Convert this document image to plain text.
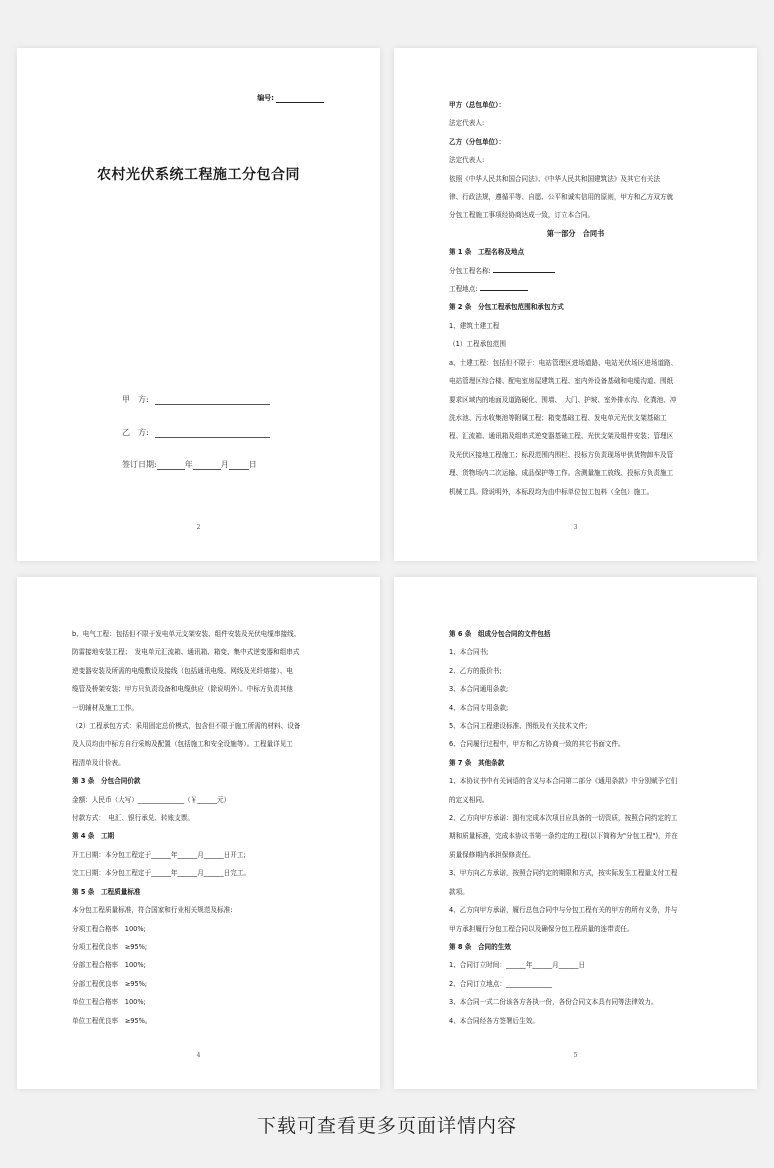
编号:
农村光伏系统工程施工分包合同
甲　方:
乙　方:
签订日期:	年	月	日
2

甲方（总包单位）：

法定代表人:

乙方（分包单位）：

法定代表人:

依照《中华人民共和国合同法》、《中华人民共和国建筑法》及其它有关法

律、行政法规，遵循平等、自愿、公平和诚实信用的原则，甲方和乙方双方就

分包工程施工事项经协商达成一致，订立本合同。

第一部分　合同书

第 1 条　工程名称及地点

分包工程名称:

工程地点:

第 2 条　分包工程承包范围和承包方式

1、建筑土建工程

（1）工程承包范围

a、土建工程：包括但不限于：电站管理区进场道路、电站光伏场区进场道路、

电站管理区综合楼、配电室房屋建筑工程、室内外设备基础和电缆沟道、围纸

要求区域内的地面及道路硬化、围墙、　大门、护坡、室外排水沟、化粪池、冲

洗水池、污水收集池等附属工程；箱变基础工程、发电单元光伏支架基础工

程、汇流箱、通讯箱及组串式逆变器基础工程、光伏支架及组件安装；管理区

及光伏区接地工程施工；标段范围内围栏、投标方负责现场甲供货物卸车及管

理、货物场内二次运输、成品保护等工作。含测量施工放线、投标方负责施工

机械工具。除说明外，本标段均为由中标单位包工包料（全包）施工。

3

b、电气工程：包括但不限于发电单元支架安装、组件安装及光伏电缆串接线、

防雷接地安装工程；　发电单元汇流箱、通讯箱、箱变、集中式逆变器和组串式

逆变器安装及所需的电缆敷设及接线（包括通讯电缆、网线及光纤熔接）、电

缆管及桥架安装；甲方只负责设备和电缆供应（除说明外）。中标方负责其他

一切辅材及施工工作。

（2）工程承包方式：采用固定总价模式，包含但不限于施工所需的材料、设备

及人员均由中标方自行采购及配置（包括施工和安全设施等）。工程量详见工

程清单及计价表。

第 3 条　分包合同价款

金额：人民币（大写）______________（￥______元）

付款方式：　电汇、银行承兑、转账支票。

第 4 条　工期

开工日期：本分包工程定于______年______月______日开工;

完工日期：本分包工程定于______年______月______日完工。

第 5 条　工程质量标准

本分包工程质量标准，符合国家和行业相关规范及标准:

分项工程合格率　100%;

分项工程优良率　≥95%;

分部工程合格率　100%;

分部工程优良率　≥95%;

单位工程合格率　100%;

单位工程优良率　≥95%。

4

第 6 条　组成分包合同的文件包括

1、本合同书;

2、乙方的报价书;

3、本合同通用条款;

4、本合同专用条款;

5、本合同工程建设标准、图纸及有关技术文件;

6、合同履行过程中，甲方和乙方协商一致的其它书面文件。

第 7 条　其他条款

1、本协议书中有关词语的含义与本合同第二部分《通用条款》中分别赋予它们

的定义相同。

2、乙方向甲方承诺：拥有完成本次项目应具备的一切资质，按照合同约定的工

期和质量标准，完成本协议书第一条约定的工程(以下简称为"分包工程")，并在

质量保修期内承担保修责任。

3、甲方向乙方承诺，按照合同约定的期限和方式，按实际发生工程量支付工程

款项。

4、乙方向甲方承诺，履行总包合同中与分包工程有关的甲方的所有义务，并与

甲方承担履行分包工程合同以及确保分包工程质量的连带责任。

第 8 条　合同的生效

1、合同订立时间：______年______月______日

2、合同订立地点：______________

3、本合同一式二份该各方各执一份，各份合同文本具有同等法律效力。

4、本合同经各方签署后生效。

5
下载可查看更多页面详情内容
